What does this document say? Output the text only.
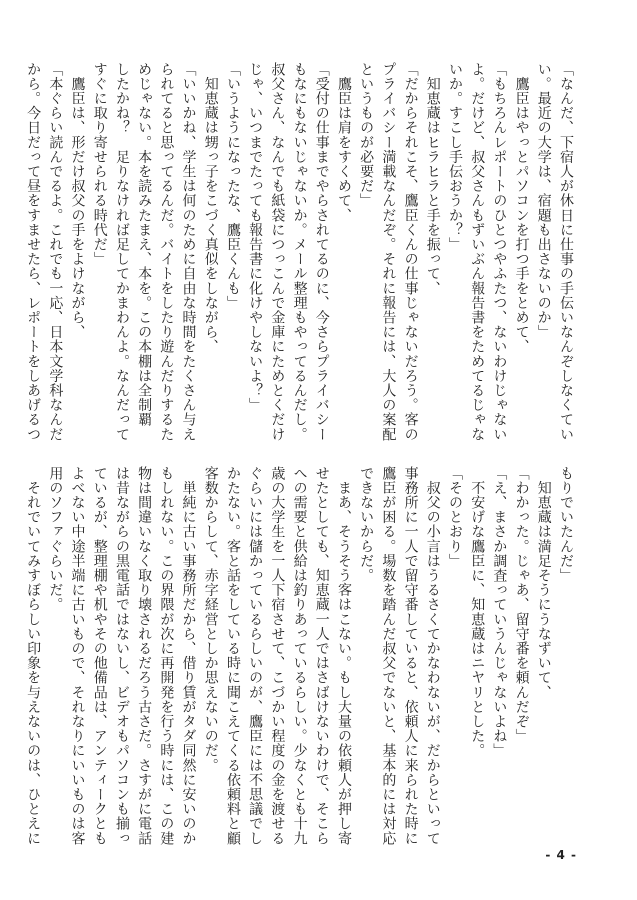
「なんだ、下宿人が休日に仕事の手伝いなんぞしなくてい
い。最近の大学は、宿題も出さないのか」
　鷹臣はやっとパソコンを打つ手をとめて、
「もちろんレポートのひとつやふたつ、ないわけじゃない
よ。だけど、叔父さんもずいぶん報告書をためてるじゃな
いか。すこし手伝おうか？」
　知恵蔵はヒラヒラと手を振って、
「だからそれこそ、鷹臣くんの仕事じゃないだろう。客の
プライバシー満載なんだぞ。それに報告には、大人の案配
というものが必要だ」
　鷹臣は肩をすくめて、
「受付の仕事までやらされてるのに、今さらプライバシー
もなにもないじゃないか。メール整理もやってるんだし。
叔父さん、なんでも紙袋につっこんで金庫にためとくだけ
じゃ、いつまでたっても報告書に化けやしないよ？」
「いうようになったな、鷹臣くんも」
　知恵蔵は甥っ子をこづく真似をしながら、
「いいかね、学生は何のために自由な時間をたくさん与え
られてると思ってるんだ。バイトをしたり遊んだりするた
めじゃない。本を読みたまえ、本を。この本棚は全制覇
したかね？　足りなければ足してかまわんよ。なんだって
すぐに取り寄せられる時代だ」
　鷹臣は、形だけ叔父の手をよけながら、
「本ぐらい読んでるよ。これでも一応、日本文学科なんだ
から。今日だって昼をすませたら、レポートをしあげるつ
もりでいたんだ」
　知恵蔵は満足そうにうなずいて、
「わかった。じゃあ、留守番を頼んだぞ」
「え、まさか調査っていうんじゃないよね」
　不安げな鷹臣に、知恵蔵はニヤリとした。
「そのとおり」
　叔父の小言はうるさくてかなわないが、だからといって
事務所に一人で留守番していると、依頼人に来られた時に
鷹臣が困る。場数を踏んだ叔父でないと、基本的には対応
できないからだ。
　まあ、そうそう客はこない。もし大量の依頼人が押し寄
せたとしても、知恵蔵一人ではさばけないわけで、そこら
への需要と供給は釣りあっているらしい。少なくとも十九
歳の大学生を一人下宿させて、こづかい程度の金を渡せる
ぐらいには儲かっているらしいのが、鷹臣には不思議でし
かたない。客と話をしている時に聞こえてくる依頼料と顧
客数からして、赤字経営としか思えないのだ。
　単純に古い事務所だから、借り賃がタダ同然に安いのか
もしれない。この界隈が次に再開発を行う時には、この建
物は間違いなく取り壊されるだろう古さだ。さすがに電話
は昔ながらの黒電話ではないし、ビデオもパソコンも揃っ
ているが、整理棚や机やその他備品は、アンティークとも
よべない中途半端に古いもので、それなりにいいものは客
用のソファぐらいだ。
　それでいてみすぼらしい印象を与えないのは、ひとえに
- 4 -
